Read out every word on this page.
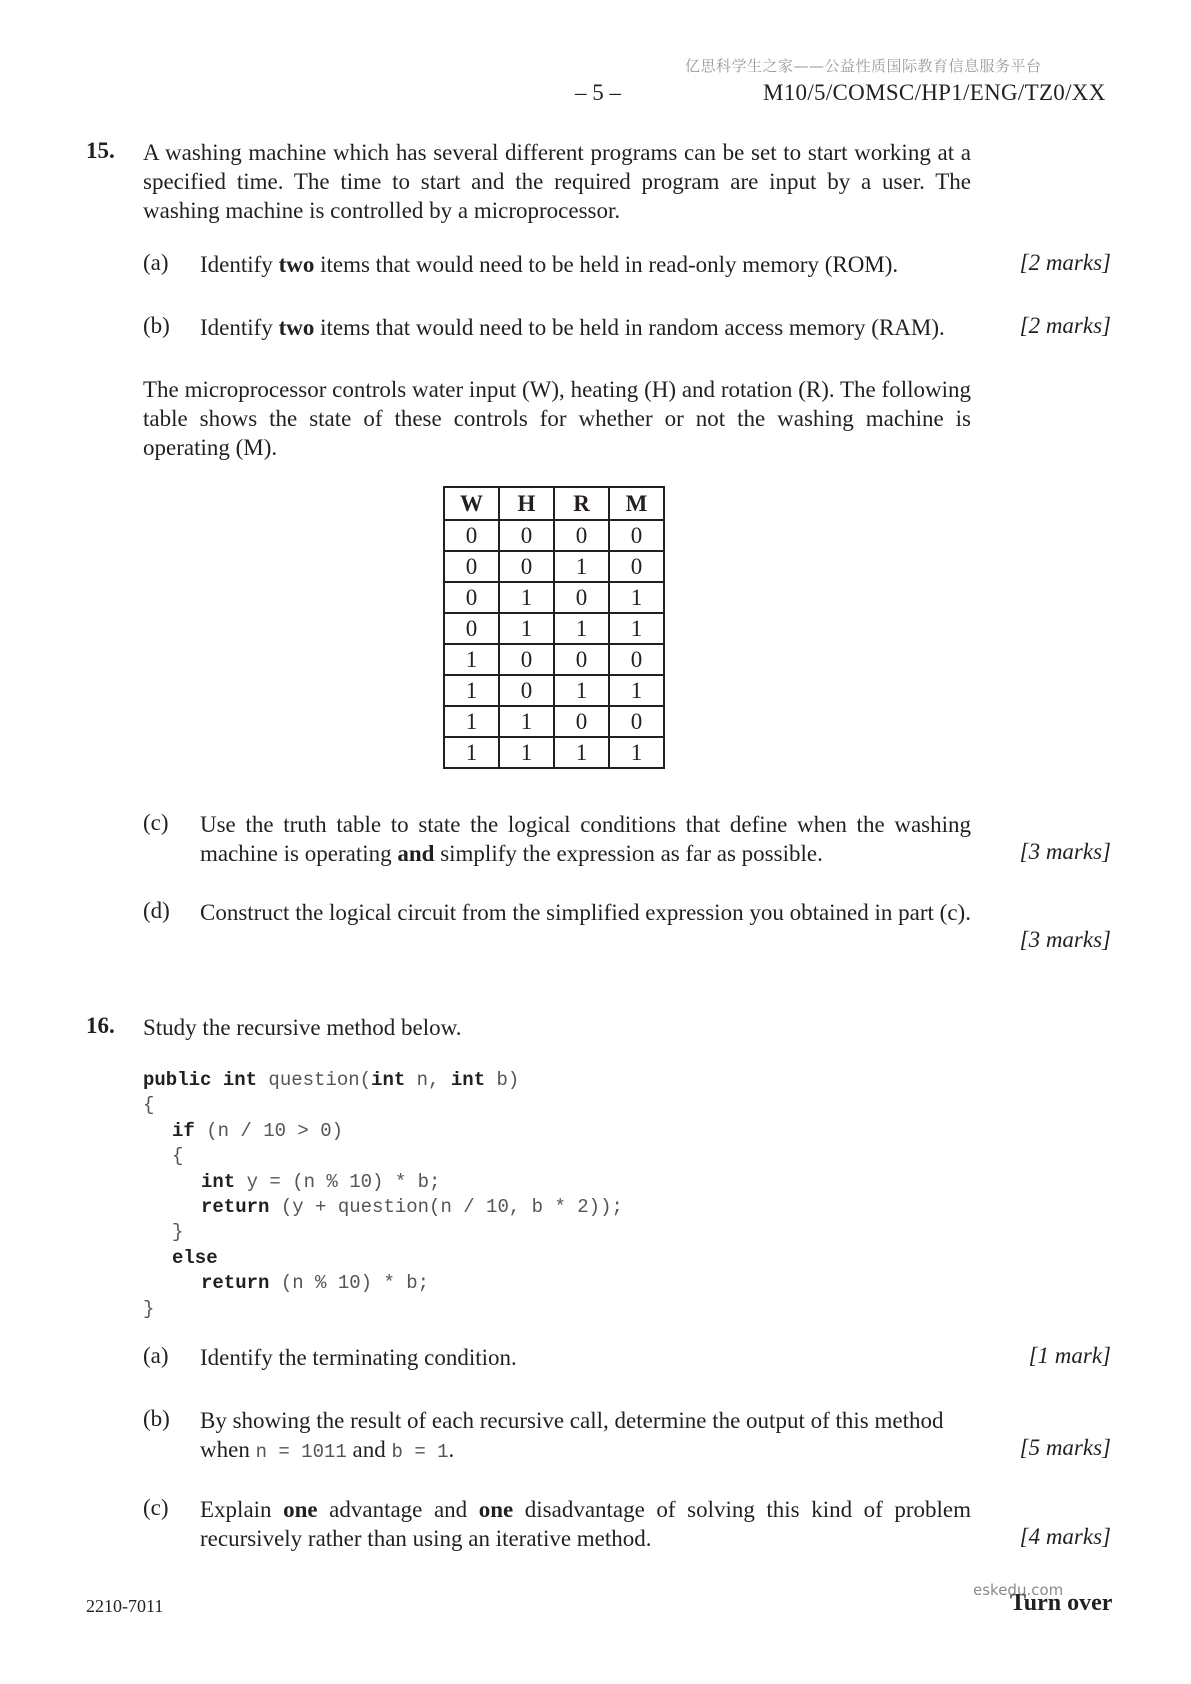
亿思科学生之家——公益性质国际教育信息服务平台
– 5 –	M10/5/COMSC/HP1/ENG/TZ0/XX
15. A washing machine which has several different programs can be set to start working at a specified time. The time to start and the required program are input by a user. The washing machine is controlled by a microprocessor.
(a) Identify two items that would need to be held in read-only memory (ROM).	[2 marks]
(b) Identify two items that would need to be held in random access memory (RAM).	[2 marks]
The microprocessor controls water input (W), heating (H) and rotation (R). The following table shows the state of these controls for whether or not the washing machine is operating (M).
W	H	R	M
0	0	0	0
0	0	1	0
0	1	0	1
0	1	1	1
1	0	0	0
1	0	1	1
1	1	0	0
1	1	1	1
(c) Use the truth table to state the logical conditions that define when the washing machine is operating and simplify the expression as far as possible.	[3 marks]
(d) Construct the logical circuit from the simplified expression you obtained in part (c).
[3 marks]
16. Study the recursive method below.
public int question(int n, int b)
{
if (n / 10 > 0)
{
int y = (n % 10) * b;
return (y + question(n / 10, b * 2));
}
else
return (n % 10) * b;
}
(a) Identify the terminating condition.	[1 mark]
(b) By showing the result of each recursive call, determine the output of this method
when n = 1011 and b = 1.	[5 marks]
(c) Explain one advantage and one disadvantage of solving this kind of problem recursively rather than using an iterative method.	[4 marks]
2210-7011	Turn over
eskedu.com
